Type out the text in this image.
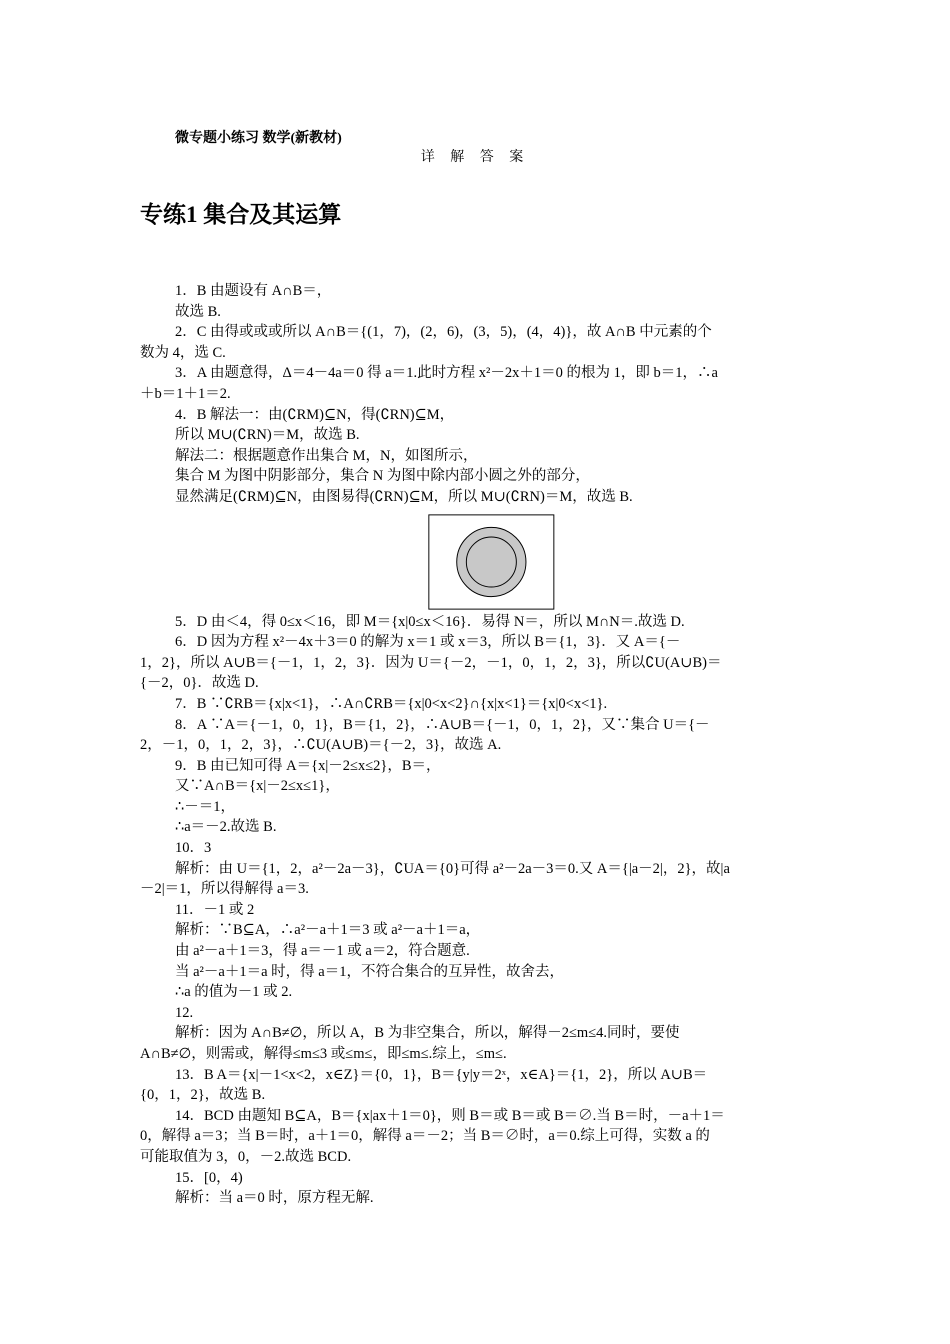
微专题小练习 数学(新教材)
详 解 答 案
专练1 集合及其运算
1．B 由题设有 A∩B＝，
故选 B.
2．C 由得或或或所以 A∩B＝{(1，7)，(2，6)，(3，5)，(4，4)}，故 A∩B 中元素的个
数为 4，选 C.
3．A 由题意得，Δ＝4－4a＝0 得 a＝1.此时方程 x²－2x＋1＝0 的根为 1，即 b＝1，∴a
＋b＝1＋1＝2.
4．B 解法一：由(∁RM)⊆N，得(∁RN)⊆M，
所以 M∪(∁RN)＝M，故选 B.
解法二：根据题意作出集合 M，N，如图所示，
集合 M 为图中阴影部分，集合 N 为图中除内部小圆之外的部分，
显然满足(∁RM)⊆N，由图易得(∁RN)⊆M，所以 M∪(∁RN)＝M，故选 B.
5．D 由＜4，得 0≤x＜16，即 M＝{x|0≤x＜16}．易得 N＝，所以 M∩N＝.故选 D.
6．D 因为方程 x²－4x＋3＝0 的解为 x＝1 或 x＝3，所以 B＝{1，3}．又 A＝{－
1，2}，所以 A∪B＝{－1，1，2，3}．因为 U＝{－2，－1，0，1，2，3}，所以∁U(A∪B)＝
{－2，0}．故选 D.
7．B ∵∁RB＝{x|x<1}，∴A∩∁RB＝{x|0<x<2}∩{x|x<1}＝{x|0<x<1}.
8．A ∵A＝{－1，0，1}，B＝{1，2}，∴A∪B＝{－1，0，1，2}，又∵集合 U＝{－
2，－1，0，1，2，3}，∴∁U(A∪B)＝{－2，3}，故选 A.
9．B 由已知可得 A＝{x|－2≤x≤2}，B＝，
又∵A∩B＝{x|－2≤x≤1}，
∴－＝1，
∴a＝－2.故选 B.
10．3
解析：由 U＝{1，2，a²－2a－3}，∁UA＝{0}可得 a²－2a－3＝0.又 A＝{|a－2|，2}，故|a
－2|＝1，所以得解得 a＝3.
11．－1 或 2
解析：∵B⊆A，∴a²－a＋1＝3 或 a²－a＋1＝a，
由 a²－a＋1＝3，得 a＝－1 或 a＝2，符合题意.
当 a²－a＋1＝a 时，得 a＝1，不符合集合的互异性，故舍去，
∴a 的值为－1 或 2.
12.
解析：因为 A∩B≠∅，所以 A，B 为非空集合，所以，解得－2≤m≤4.同时，要使
A∩B≠∅，则需或，解得≤m≤3 或≤m≤，即≤m≤.综上，≤m≤.
13．B A＝{x|－1<x<2，x∈Z}＝{0，1}，B＝{y|y＝2ˣ，x∈A}＝{1，2}，所以 A∪B＝
{0，1，2}，故选 B.
14．BCD 由题知 B⊆A，B＝{x|ax＋1＝0}，则 B＝或 B＝或 B＝∅.当 B＝时，－a＋1＝
0，解得 a＝3；当 B＝时，a＋1＝0，解得 a＝－2；当 B＝∅时，a＝0.综上可得，实数 a 的
可能取值为 3，0，－2.故选 BCD.
15．[0，4)
解析：当 a＝0 时，原方程无解.
